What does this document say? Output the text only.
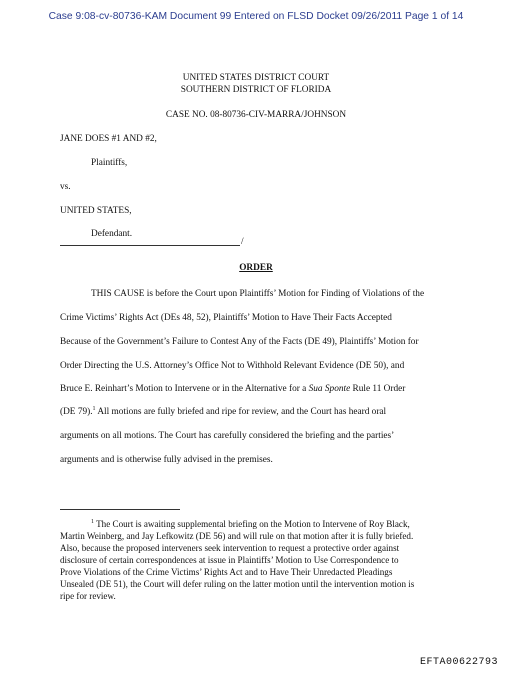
Case 9:08-cv-80736-KAM Document 99 Entered on FLSD Docket 09/26/2011 Page 1 of 14
UNITED STATES DISTRICT COURT
SOUTHERN DISTRICT OF FLORIDA
CASE NO. 08-80736-CIV-MARRA/JOHNSON
JANE DOES #1 AND #2,
Plaintiffs,
vs.
UNITED STATES,
Defendant.
/
ORDER
THIS CAUSE is before the Court upon Plaintiffs’ Motion for Finding of Violations of the
Crime Victims’ Rights Act (DEs 48, 52), Plaintiffs’ Motion to Have Their Facts Accepted
Because of the Government’s Failure to Contest Any of the Facts (DE 49), Plaintiffs’ Motion for
Order Directing the U.S. Attorney’s Office Not to Withhold Relevant Evidence (DE 50), and
Bruce E. Reinhart’s Motion to Intervene or in the Alternative for a Sua Sponte Rule 11 Order
(DE 79).$^1$ All motions are fully briefed and ripe for review, and the Court has heard oral
arguments on all motions. The Court has carefully considered the briefing and the parties’
arguments and is otherwise fully advised in the premises.
$^1$ The Court is awaiting supplemental briefing on the Motion to Intervene of Roy Black,
Martin Weinberg, and Jay Lefkowitz (DE 56) and will rule on that motion after it is fully briefed.
Also, because the proposed interveners seek intervention to request a protective order against
disclosure of certain correspondences at issue in Plaintiffs’ Motion to Use Correspondence to
Prove Violations of the Crime Victims’ Rights Act and to Have Their Unredacted Pleadings
Unsealed (DE 51), the Court will defer ruling on the latter motion until the intervention motion is
ripe for review.
EFTA00622793
